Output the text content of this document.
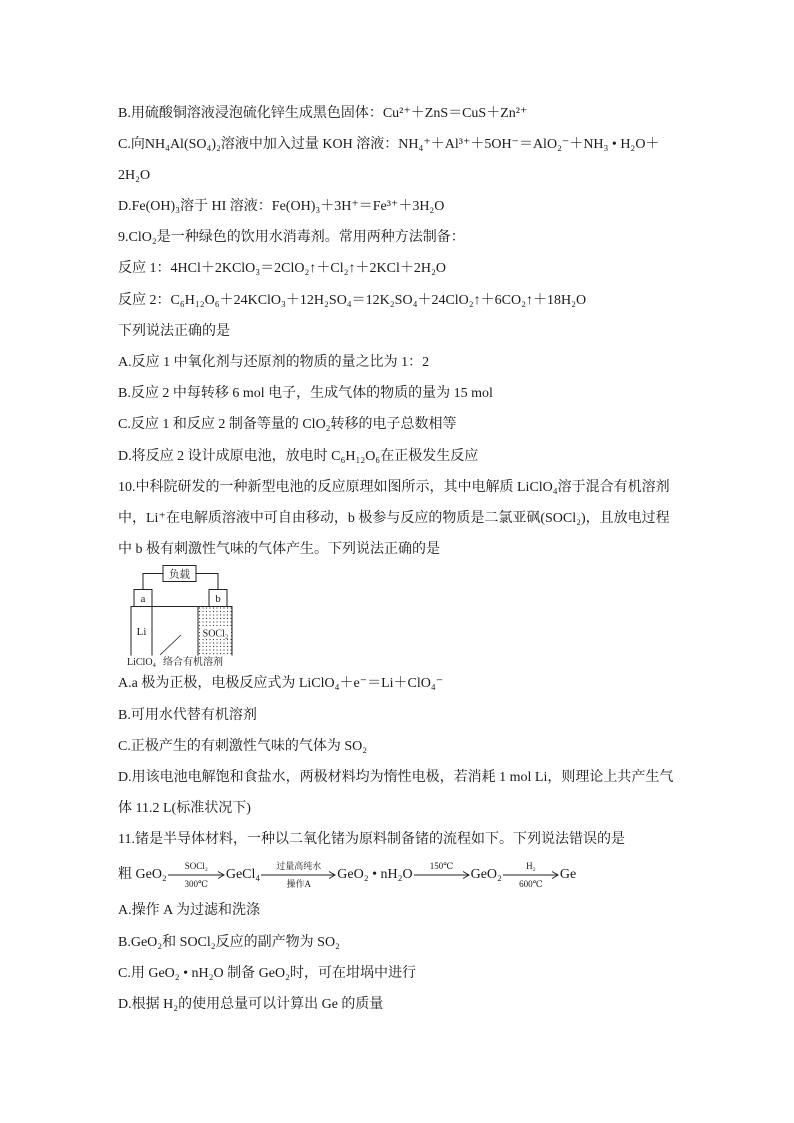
B.用硫酸铜溶液浸泡硫化锌生成黑色固体：Cu²⁺＋ZnS＝CuS＋Zn²⁺
C.向NH₄Al(SO₄)₂溶液中加入过量 KOH 溶液：NH₄⁺＋Al³⁺＋5OH⁻＝AlO₂⁻＋NH₃ • H₂O＋
2H₂O
D.Fe(OH)₃溶于 HI 溶液：Fe(OH)₃＋3H⁺＝Fe³⁺＋3H₂O
9.ClO₂是一种绿色的饮用水消毒剂。常用两种方法制备：
反应 1：4HCl＋2KClO₃＝2ClO₂↑＋Cl₂↑＋2KCl＋2H₂O
反应 2：C₆H₁₂O₆＋24KClO₃＋12H₂SO₄＝12K₂SO₄＋24ClO₂↑＋6CO₂↑＋18H₂O
下列说法正确的是
A.反应 1 中氧化剂与还原剂的物质的量之比为 1：2
B.反应 2 中每转移 6 mol 电子，生成气体的物质的量为 15 mol
C.反应 1 和反应 2 制备等量的 ClO₂转移的电子总数相等
D.将反应 2 设计成原电池，放电时 C₆H₁₂O₆在正极发生反应
10.中科院研发的一种新型电池的反应原理如图所示，其中电解质 LiClO₄溶于混合有机溶剂
中，Li⁺在电解质溶液中可自由移动，b 极参与反应的物质是二氯亚砜(SOCl₂)，且放电过程
中 b 极有刺激性气味的气体产生。下列说法正确的是
负载
a	b
Li	SOCl₂
LiClO₄ 络合有机溶剂
A.a 极为正极，电极反应式为 LiClO₄＋e⁻＝Li＋ClO₄⁻
B.可用水代替有机溶剂
C.正极产生的有刺激性气味的气体为 SO₂
D.用该电池电解饱和食盐水，两极材料均为惰性电极，若消耗 1 mol Li，则理论上共产生气
体 11.2 L(标准状况下)
11.锗是半导体材料，一种以二氧化锗为原料制备锗的流程如下。下列说法错误的是
粗 GeO₂
SOCl₂
300℃
GeCl₄
过量高纯水
操作A
GeO₂ • nH₂O
150℃
GeO₂
H₂
600℃
Ge
A.操作 A 为过滤和洗涤
B.GeO₂和 SOCl₂反应的副产物为 SO₂
C.用 GeO₂ • nH₂O 制备 GeO₂时，可在坩埚中进行
D.根据 H₂的使用总量可以计算出 Ge 的质量
